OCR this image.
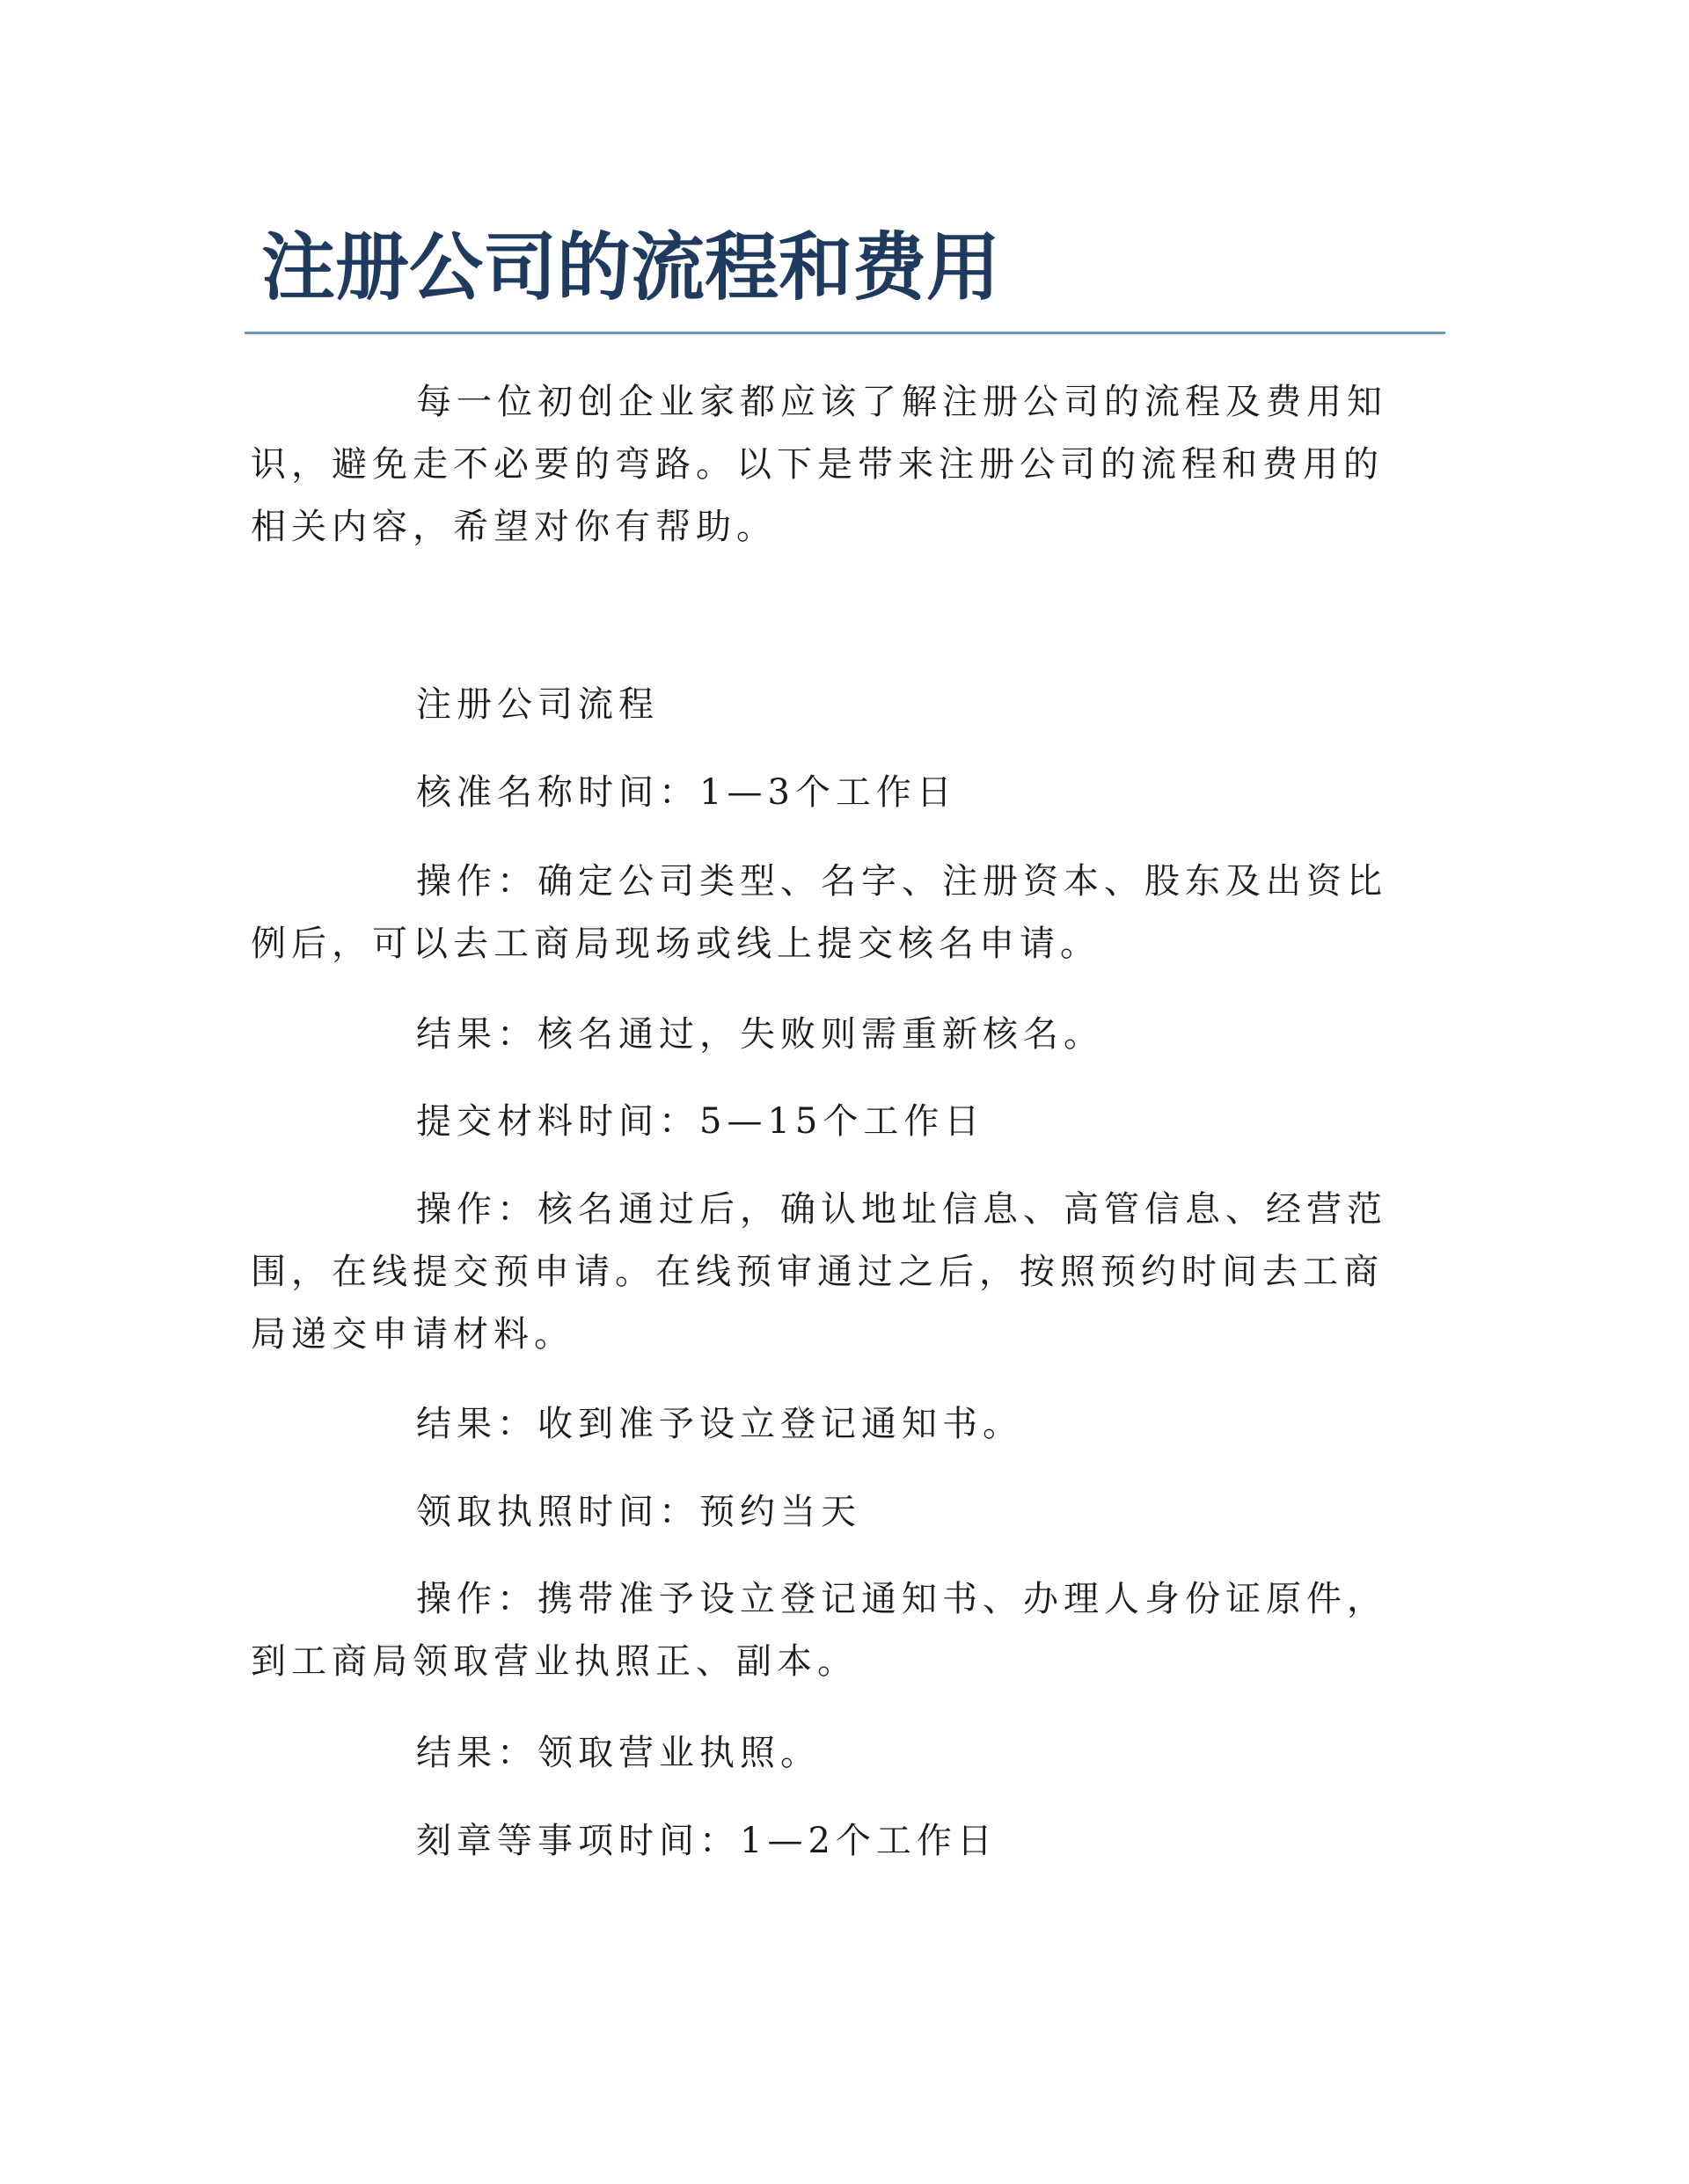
注册公司的流程和费用

每一位初创企业家都应该了解注册公司的流程及费用知识，避免走不必要的弯路。以下是带来注册公司的流程和费用的相关内容，希望对你有帮助。

注册公司流程

核准名称时间：1—3个工作日

操作：确定公司类型、名字、注册资本、股东及出资比例后，可以去工商局现场或线上提交核名申请。

结果：核名通过，失败则需重新核名。

提交材料时间：5—15个工作日

操作：核名通过后，确认地址信息、高管信息、经营范围，在线提交预申请。在线预审通过之后，按照预约时间去工商局递交申请材料。

结果：收到准予设立登记通知书。

领取执照时间：预约当天

操作：携带准予设立登记通知书、办理人身份证原件，到工商局领取营业执照正、副本。

结果：领取营业执照。

刻章等事项时间：1—2个工作日
